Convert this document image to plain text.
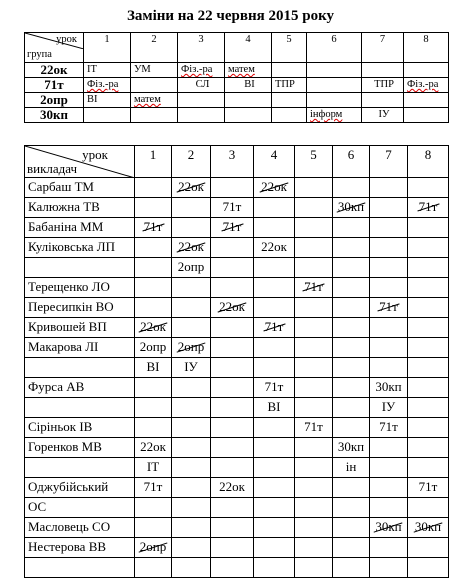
Заміни на 22 червня 2015 року
урок
група	1	2	3	4	5	6	7	8
22ок	ІТ	УМ	Фіз.-ра	матем				
71т	Фіз.-ра		СЛ	ВІ	ТПР		ТПР	Фіз.-ра
2опр	ВІ	матем						
30кп						інформ	ІУ	
урок
викладач	1	2	3	4	5	6	7	8
Сарбаш ТМ		22ок		22ок				
Калюжна ТВ			71т			30кп		71т
Бабаніна ММ	71т		71т					
Куліковська ЛП		22ок		22ок				
		2опр						
Терещенко ЛО					71т			
Пересипкін ВО			22ок				71т	
Кривошей ВП	22ок			71т				
Макарова ЛІ	2опр	2опр						
	ВІ	ІУ						
Фурса АВ				71т			30кп	
				ВІ			ІУ	
Сіріньок ІВ					71т		71т	
Горенков МВ	22ок					30кп		
	ІТ					ін		
Оджубійський	71т		22ок					71т
ОС								
Масловець СО							30кп	30кп
Нестерова ВВ	2опр							
